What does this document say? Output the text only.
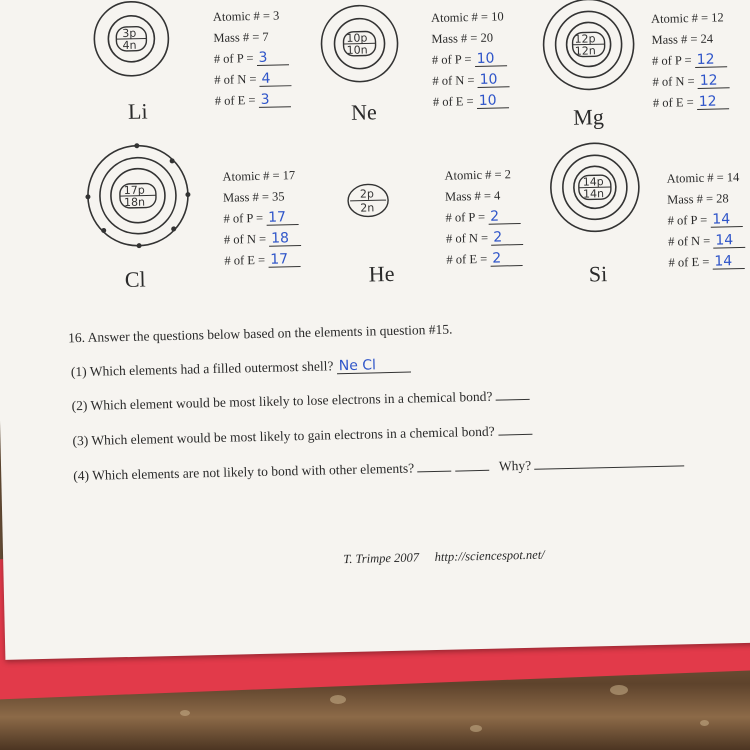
3p
4n
Li
Atomic # = 3
Mass # = 7
# of P = 3
# of N = 4
# of E = 3
10p
10n
Ne
Atomic # = 10
Mass # = 20
# of P = 10
# of N = 10
# of E = 10
12p
12n
Mg
Atomic # = 12
Mass # = 24
# of P = 12
# of N = 12
# of E = 12
17p
18n
Cl
Atomic # = 17
Mass # = 35
# of P = 17
# of N = 18
# of E = 17
2p
2n
He
Atomic # = 2
Mass # = 4
# of P = 2
# of N = 2
# of E = 2
14p
14n
Si
Atomic # = 14
Mass # = 28
# of P = 14
# of N = 14
# of E = 14
16. Answer the questions below based on the elements in question #15.
(1) Which elements had a filled outermost shell? Ne Cl
(2) Which element would be most likely to lose electrons in a chemical bond?
(3) Which element would be most likely to gain electrons in a chemical bond?
(4) Which elements are not likely to bond with other elements?	Why?
T. Trimpe 2007 http://sciencespot.net/
